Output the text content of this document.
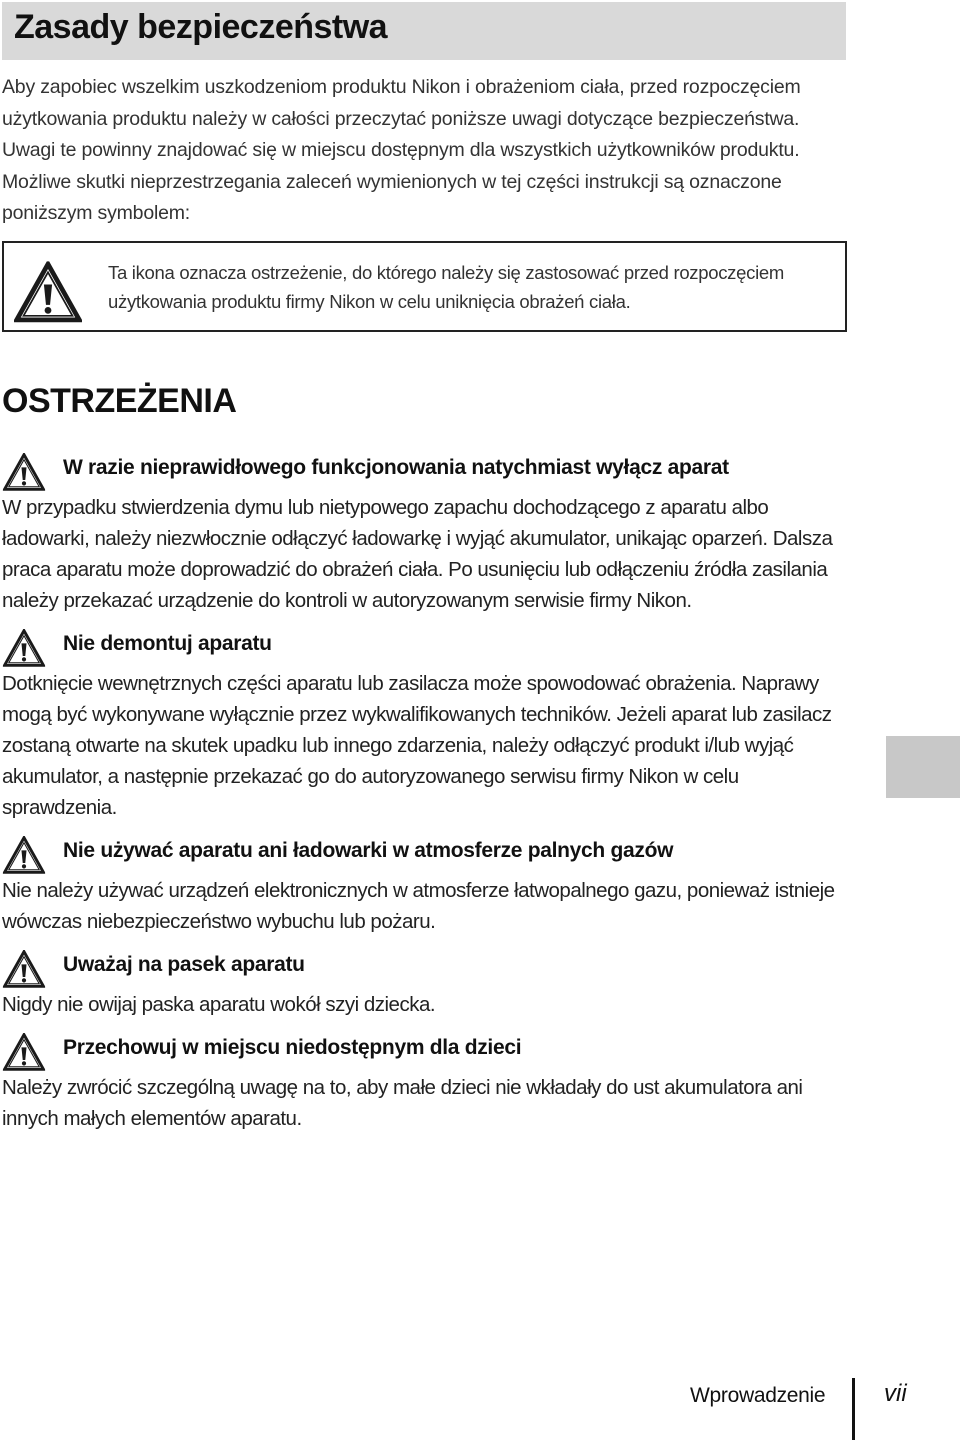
Zasady bezpieczeństwa

Aby zapobiec wszelkim uszkodzeniom produktu Nikon i obrażeniom ciała, przed rozpoczęciem użytkowania produktu należy w całości przeczytać poniższe uwagi dotyczące bezpieczeństwa. Uwagi te powinny znajdować się w miejscu dostępnym dla wszystkich użytkowników produktu.

Możliwe skutki nieprzestrzegania zaleceń wymienionych w tej części instrukcji są oznaczone poniższym symbolem:

Ta ikona oznacza ostrzeżenie, do którego należy się zastosować przed rozpoczęciem użytkowania produktu firmy Nikon w celu uniknięcia obrażeń ciała.
OSTRZEŻENIA
W razie nieprawidłowego funkcjonowania natychmiast wyłącz aparat
W przypadku stwierdzenia dymu lub nietypowego zapachu dochodzącego z aparatu albo ładowarki, należy niezwłocznie odłączyć ładowarkę i wyjąć akumulator, unikając oparzeń. Dalsza praca aparatu może doprowadzić do obrażeń ciała. Po usunięciu lub odłączeniu źródła zasilania należy przekazać urządzenie do kontroli w autoryzowanym serwisie firmy Nikon.
Nie demontuj aparatu
Dotknięcie wewnętrznych części aparatu lub zasilacza może spowodować obrażenia. Naprawy mogą być wykonywane wyłącznie przez wykwalifikowanych techników. Jeżeli aparat lub zasilacz zostaną otwarte na skutek upadku lub innego zdarzenia, należy odłączyć produkt i/lub wyjąć akumulator, a następnie przekazać go do autoryzowanego serwisu firmy Nikon w celu sprawdzenia.
Nie używać aparatu ani ładowarki w atmosferze palnych gazów
Nie należy używać urządzeń elektronicznych w atmosferze łatwopalnego gazu, ponieważ istnieje wówczas niebezpieczeństwo wybuchu lub pożaru.
Uważaj na pasek aparatu
Nigdy nie owijaj paska aparatu wokół szyi dziecka.
Przechowuj w miejscu niedostępnym dla dzieci
Należy zwrócić szczególną uwagę na to, aby małe dzieci nie wkładały do ust akumulatora ani innych małych elementów aparatu.
Wprowadzenie vii
